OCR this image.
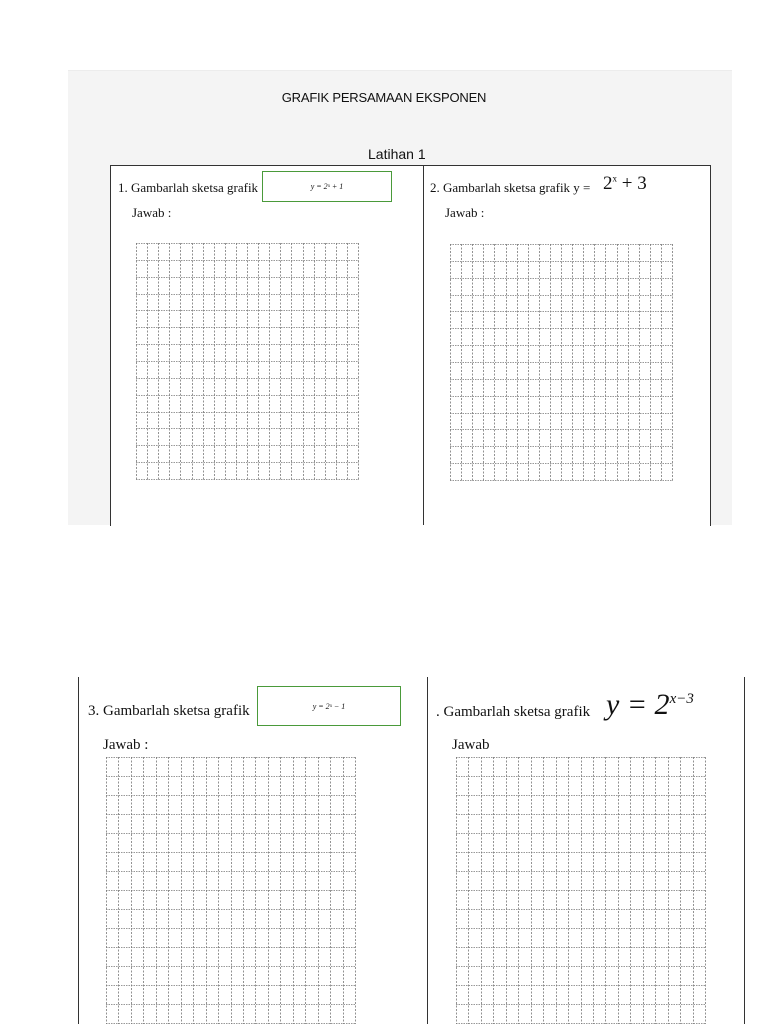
GRAFIK PERSAMAAN EKSPONEN
Latihan 1
1. Gambarlah sketsa grafik	y = 2ˣ + 1
Jawab :
2. Gambarlah sketsa grafik $y = 2^x + 3$
Jawab :
3. Gambarlah sketsa grafik	y = 2ˣ − 1
Jawab :
. Gambarlah sketsa grafik $y = 2^{x-3}$
Jawab
